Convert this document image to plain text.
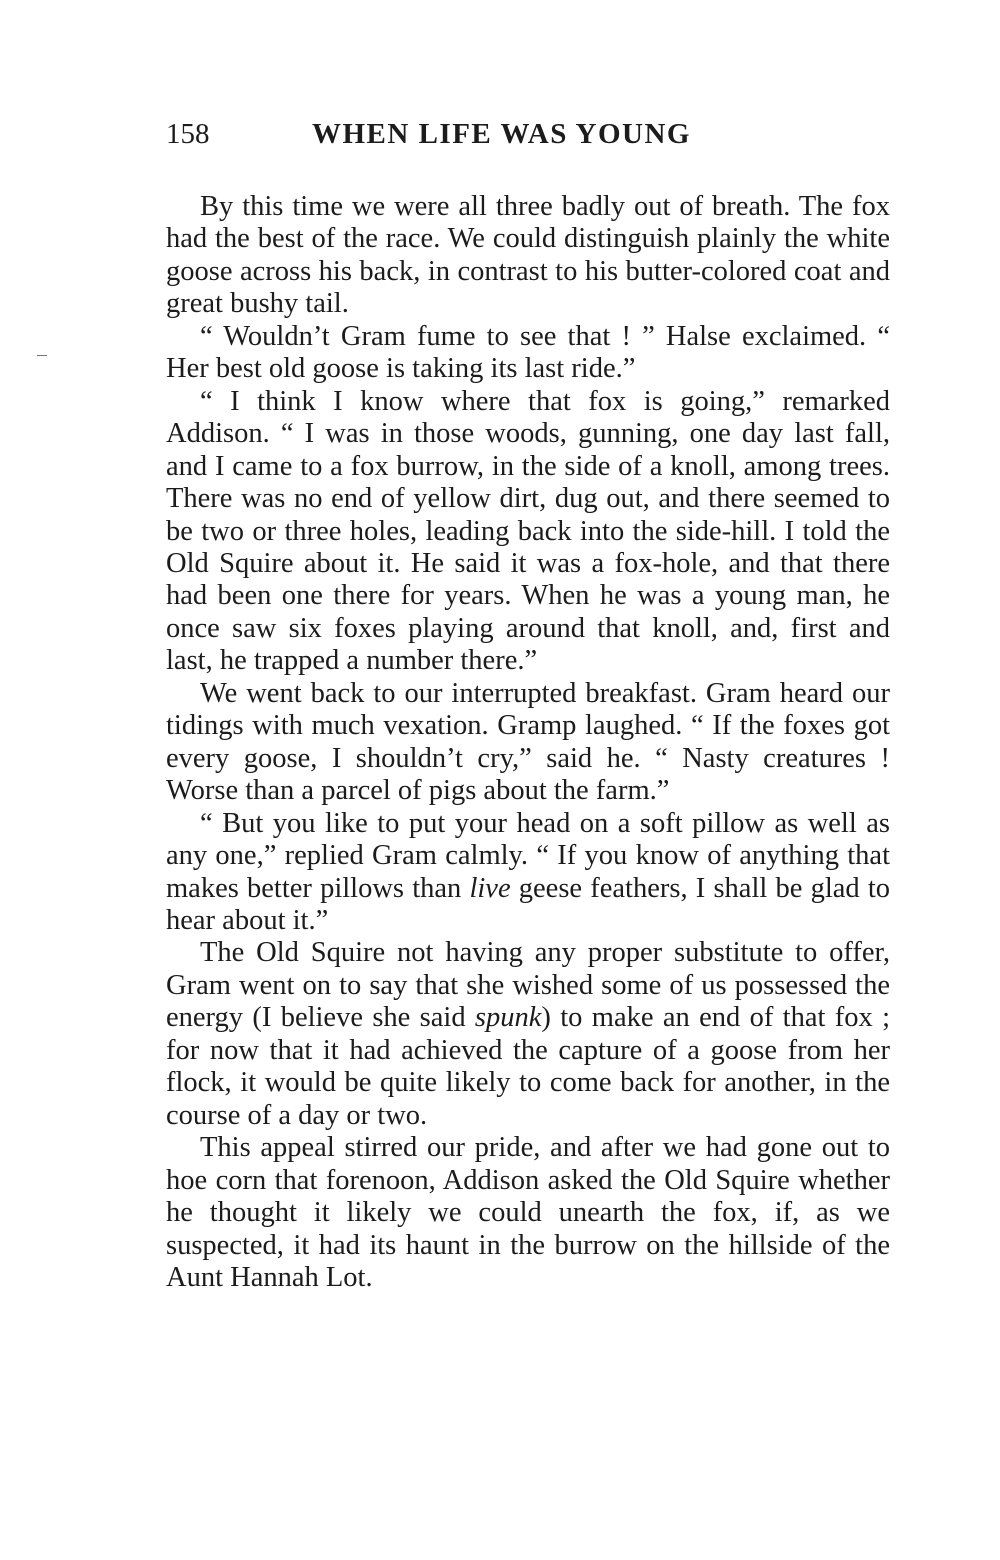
158	WHEN LIFE WAS YOUNG

By this time we were all three badly out of breath. The fox had the best of the race. We could distinguish plainly the white goose across his back, in contrast to his butter-colored coat and great bushy tail.

“ Wouldn’t Gram fume to see that ! ” Halse exclaimed. “ Her best old goose is taking its last ride.”

“ I think I know where that fox is going,” remarked Addison. “ I was in those woods, gunning, one day last fall, and I came to a fox burrow, in the side of a knoll, among trees. There was no end of yellow dirt, dug out, and there seemed to be two or three holes, leading back into the side-hill. I told the Old Squire about it. He said it was a fox-hole, and that there had been one there for years. When he was a young man, he once saw six foxes playing around that knoll, and, first and last, he trapped a number there.”

We went back to our interrupted breakfast. Gram heard our tidings with much vexation. Gramp laughed. “ If the foxes got every goose, I shouldn’t cry,” said he. “ Nasty creatures ! Worse than a parcel of pigs about the farm.”

“ But you like to put your head on a soft pillow as well as any one,” replied Gram calmly. “ If you know of anything that makes better pillows than live geese feathers, I shall be glad to hear about it.”

The Old Squire not having any proper substitute to offer, Gram went on to say that she wished some of us possessed the energy (I believe she said spunk) to make an end of that fox ; for now that it had achieved the capture of a goose from her flock, it would be quite likely to come back for another, in the course of a day or two.

This appeal stirred our pride, and after we had gone out to hoe corn that forenoon, Addison asked the Old Squire whether he thought it likely we could unearth the fox, if, as we suspected, it had its haunt in the burrow on the hillside of the Aunt Hannah Lot.
